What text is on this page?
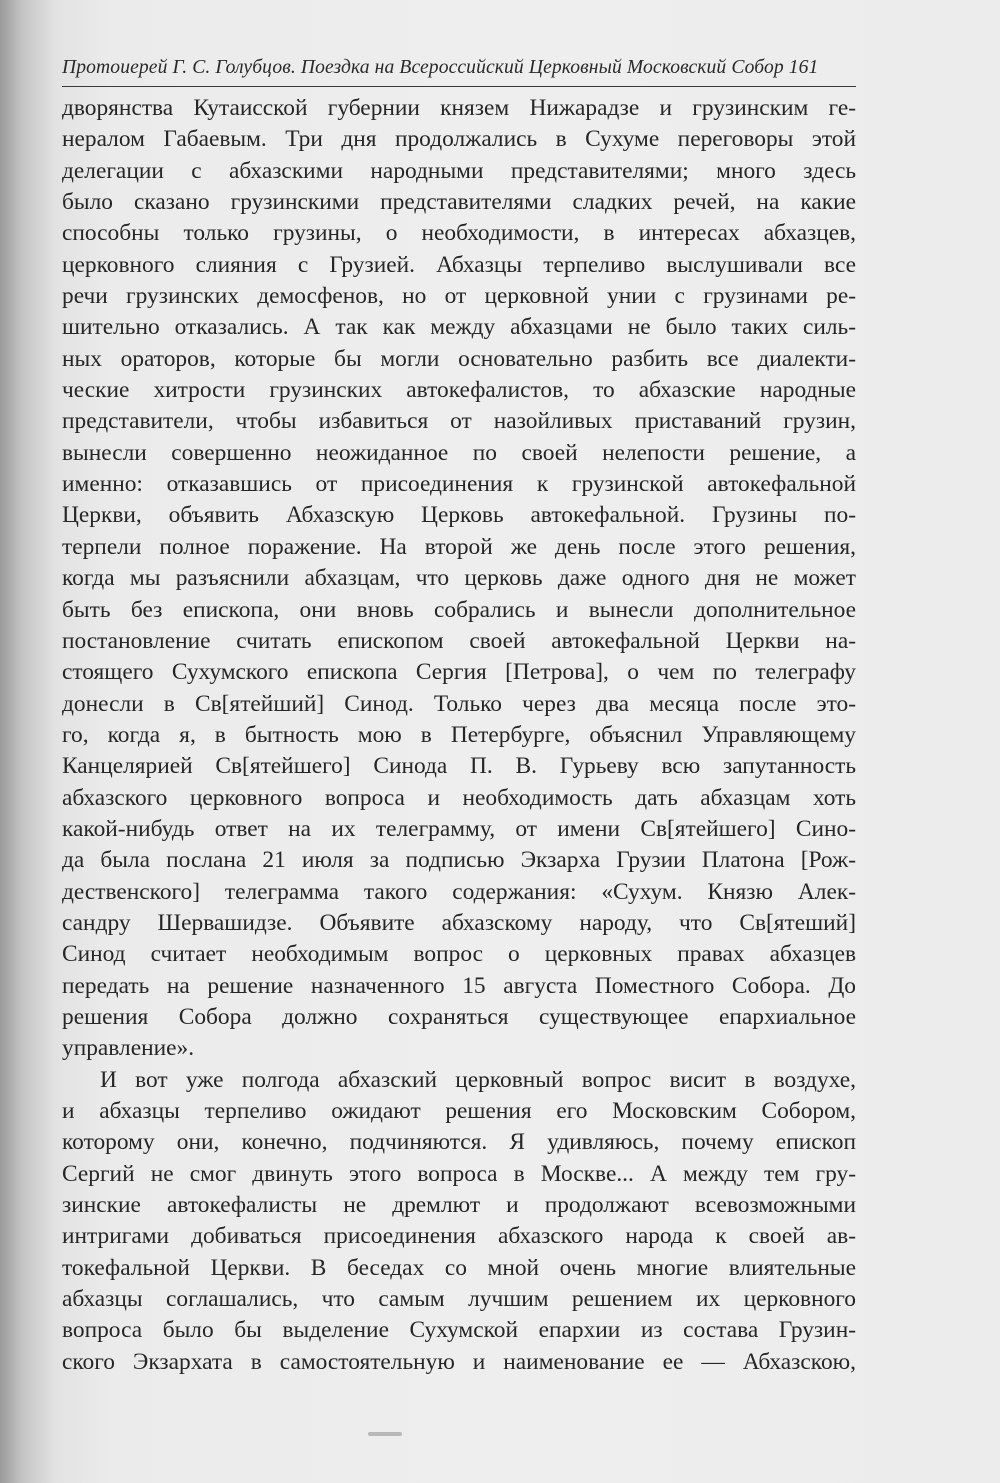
Протоиерей Г. С. Голубцов. Поездка на Всероссийский Церковный Московский Собор 161
дворянства Кутаисской губернии князем Нижарадзе и грузинским ге-
нералом Габаевым. Три дня продолжались в Сухуме переговоры этой
делегации с абхазскими народными представителями; много здесь
было сказано грузинскими представителями сладких речей, на какие
способны только грузины, о необходимости, в интересах абхазцев,
церковного слияния с Грузией. Абхазцы терпеливо выслушивали все
речи грузинских демосфенов, но от церковной унии с грузинами ре-
шительно отказались. А так как между абхазцами не было таких силь-
ных ораторов, которые бы могли основательно разбить все диалекти-
ческие хитрости грузинских автокефалистов, то абхазские народные
представители, чтобы избавиться от назойливых приставаний грузин,
вынесли совершенно неожиданное по своей нелепости решение, а
именно: отказавшись от присоединения к грузинской автокефальной
Церкви, объявить Абхазскую Церковь автокефальной. Грузины по-
терпели полное поражение. На второй же день после этого решения,
когда мы разъяснили абхазцам, что церковь даже одного дня не может
быть без епископа, они вновь собрались и вынесли дополнительное
постановление считать епископом своей автокефальной Церкви на-
стоящего Сухумского епископа Сергия [Петрова], о чем по телеграфу
донесли в Св[ятейший] Синод. Только через два месяца после это-
го, когда я, в бытность мою в Петербурге, объяснил Управляющему
Канцелярией Св[ятейшего] Синода П. В. Гурьеву всю запутанность
абхазского церковного вопроса и необходимость дать абхазцам хоть
какой-нибудь ответ на их телеграмму, от имени Св[ятейшего] Сино-
да была послана 21 июля за подписью Экзарха Грузии Платона [Рож-
дественского] телеграмма такого содержания: «Сухум. Князю Алек-
сандру Шервашидзе. Объявите абхазскому народу, что Св[ятеший]
Синод считает необходимым вопрос о церковных правах абхазцев
передать на решение назначенного 15 августа Поместного Собора. До
решения Собора должно сохраняться существующее епархиальное
управление».
И вот уже полгода абхазский церковный вопрос висит в воздухе,
и абхазцы терпеливо ожидают решения его Московским Собором,
которому они, конечно, подчиняются. Я удивляюсь, почему епископ
Сергий не смог двинуть этого вопроса в Москве... А между тем гру-
зинские автокефалисты не дремлют и продолжают всевозможными
интригами добиваться присоединения абхазского народа к своей ав-
токефальной Церкви. В беседах со мной очень многие влиятельные
абхазцы соглашались, что самым лучшим решением их церковного
вопроса было бы выделение Сухумской епархии из состава Грузин-
ского Экзархата в самостоятельную и наименование ее — Абхазскою,
